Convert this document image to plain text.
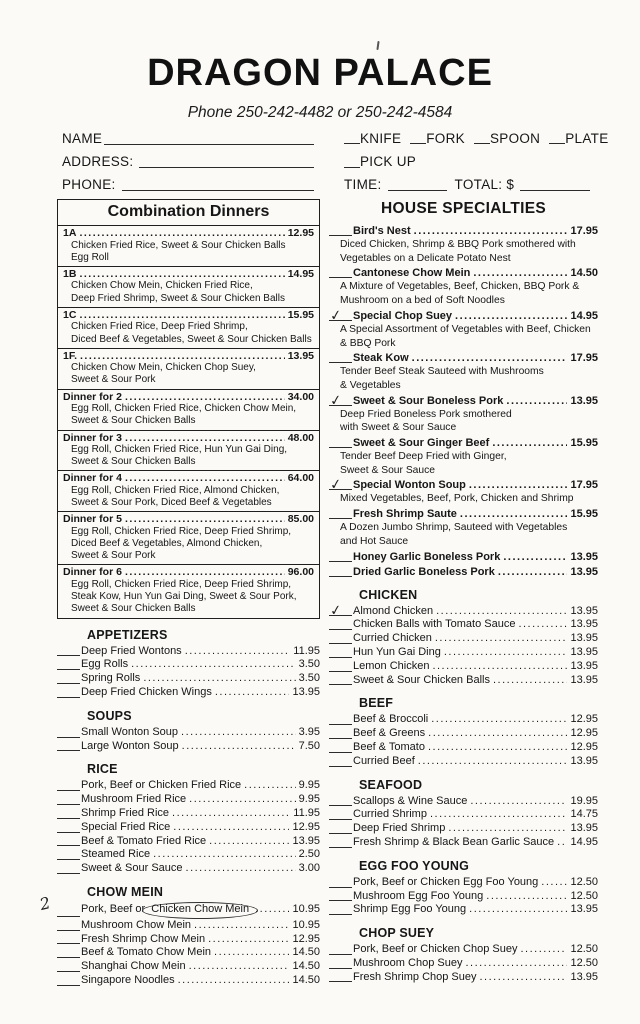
DRAGON PALACE
Phone 250-242-4482 or 250-242-4584
NAME
ADDRESS:
PHONE:
KNIFE FORK SPOON PLATE
PICK UP
TIME:	TOTAL: $
Combination Dinners
1A .....	12.95
Chicken Fried Rice, Sweet & Sour Chicken Balls
Egg Roll
1B .....	14.95
Chicken Chow Mein, Chicken Fried Rice,
Deep Fried Shrimp, Sweet & Sour Chicken Balls
1C .....	15.95
Chicken Fried Rice, Deep Fried Shrimp,
Diced Beef & Vegetables, Sweet & Sour Chicken Balls
1F. .....	13.95
Chicken Chow Mein, Chicken Chop Suey,
Sweet & Sour Pork
Dinner for 2 .....	34.00
Egg Roll, Chicken Fried Rice, Chicken Chow Mein,
Sweet & Sour Chicken Balls
Dinner for 3 .....	48.00
Egg Roll, Chicken Fried Rice, Hun Yun Gai Ding,
Sweet & Sour Chicken Balls
Dinner for 4 .....	64.00
Egg Roll, Chicken Fried Rice, Almond Chicken,
Sweet & Sour Pork, Diced Beef & Vegetables
Dinner for 5 .....	85.00
Egg Roll, Chicken Fried Rice, Deep Fried Shrimp,
Diced Beef & Vegetables, Almond Chicken,
Sweet & Sour Pork
Dinner for 6 .....	96.00
Egg Roll, Chicken Fried Rice, Deep Fried Shrimp,
Steak Kow, Hun Yun Gai Ding, Sweet & Sour Pork,
Sweet & Sour Chicken Balls
APPETIZERS
Deep Fried Wontons .....	11.95
Egg Rolls .....	3.50
Spring Rolls .....	3.50
Deep Fried Chicken Wings .....	13.95
SOUPS
Small Wonton Soup .....	3.95
Large Wonton Soup .....	7.50
RICE
Pork, Beef or Chicken Fried Rice .....	9.95
Mushroom Fried Rice .....	9.95
Shrimp Fried Rice .....	11.95
Special Fried Rice .....	12.95
Beef & Tomato Fried Rice .....	13.95
Steamed Rice .....	2.50
Sweet & Sour Sauce .....	3.00
CHOW MEIN
2	Pork, Beef or Chicken Chow Mein .....	10.95
Mushroom Chow Mein .....	10.95
Fresh Shrimp Chow Mein .....	12.95
Beef & Tomato Chow Mein .....	14.50
Shanghai Chow Mein .....	14.50
Singapore Noodles .....	14.50
HOUSE SPECIALTIES
Bird's Nest .....	17.95
Diced Chicken, Shrimp & BBQ Pork smothered with
Vegetables on a Delicate Potato Nest
Cantonese Chow Mein .....	14.50
A Mixture of Vegetables, Beef, Chicken, BBQ Pork &
Mushroom on a bed of Soft Noodles
✓ Special Chop Suey .....	14.95
A Special Assortment of Vegetables with Beef, Chicken
& BBQ Pork
Steak Kow .....	17.95
Tender Beef Steak Sauteed with Mushrooms
& Vegetables
✓ Sweet & Sour Boneless Pork .....	13.95
Deep Fried Boneless Pork smothered
with Sweet & Sour Sauce
Sweet & Sour Ginger Beef .....	15.95
Tender Beef Deep Fried with Ginger,
Sweet & Sour Sauce
✓ Special Wonton Soup .....	17.95
Mixed Vegetables, Beef, Pork, Chicken and Shrimp
Fresh Shrimp Saute .....	15.95
A Dozen Jumbo Shrimp, Sauteed with Vegetables
and Hot Sauce
Honey Garlic Boneless Pork .....	13.95
Dried Garlic Boneless Pork .....	13.95
CHICKEN
✓ Almond Chicken .....	13.95
Chicken Balls with Tomato Sauce .....	13.95
Curried Chicken .....	13.95
Hun Yun Gai Ding .....	13.95
Lemon Chicken .....	13.95
Sweet & Sour Chicken Balls .....	13.95
BEEF
Beef & Broccoli .....	12.95
Beef & Greens .....	12.95
Beef & Tomato .....	12.95
Curried Beef .....	13.95
SEAFOOD
Scallops & Wine Sauce .....	19.95
Curried Shrimp .....	14.75
Deep Fried Shrimp .....	13.95
Fresh Shrimp & Black Bean Garlic Sauce ..... 14.95
EGG FOO YOUNG
Pork, Beef or Chicken Egg Foo Young .....	12.50
Mushroom Egg Foo Young .....	12.50
Shrimp Egg Foo Young .....	13.95
CHOP SUEY
Pork, Beef or Chicken Chop Suey .....	12.50
Mushroom Chop Suey .....	12.50
Fresh Shrimp Chop Suey .....	13.95
